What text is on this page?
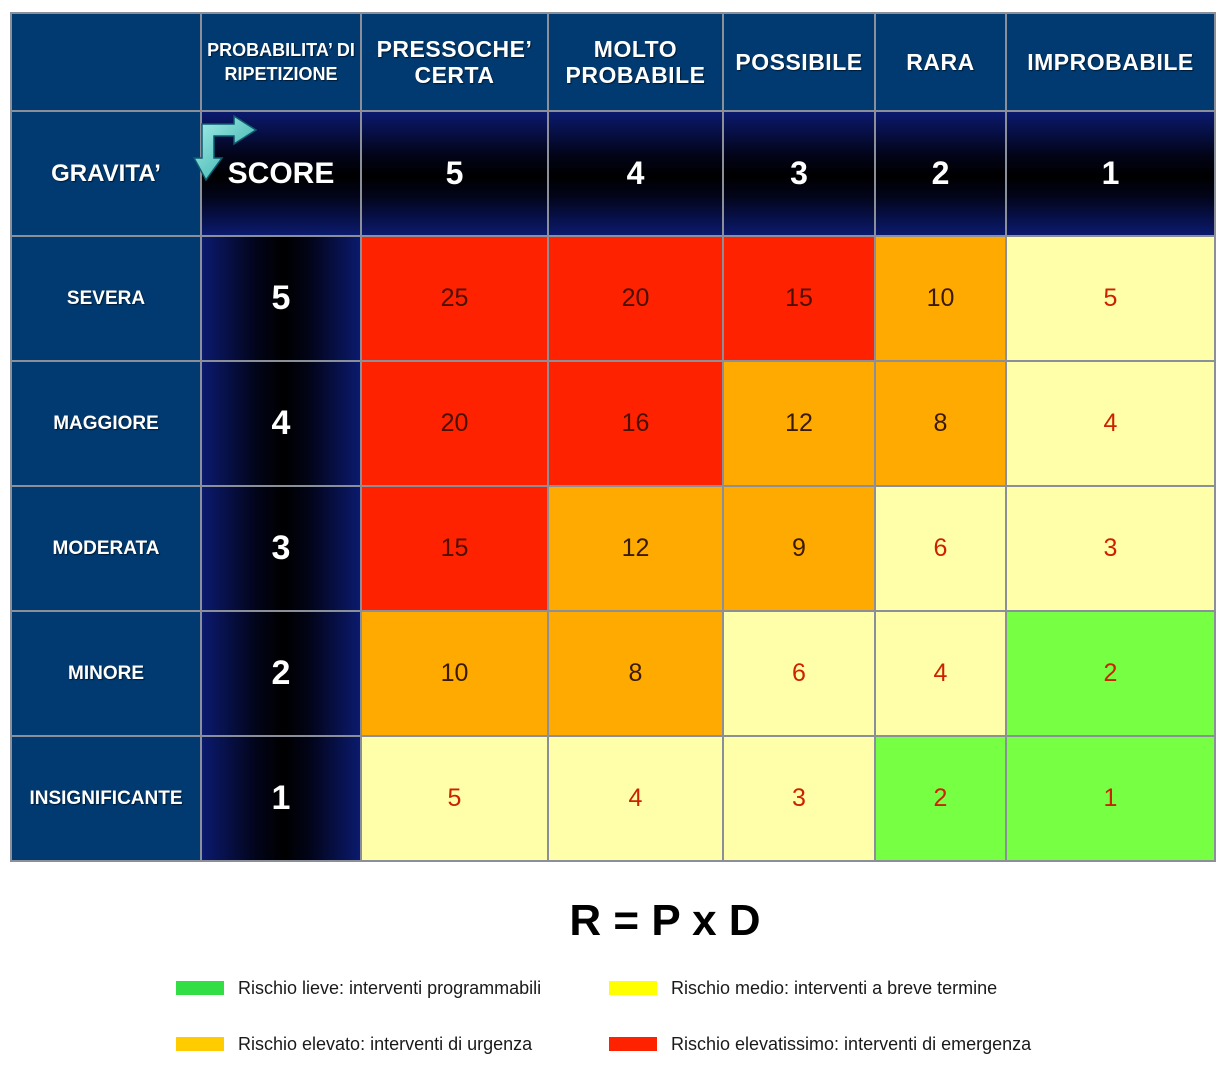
	PROBABILITA’ DI RIPETIZIONE	PRESSOCHE’ CERTA	MOLTO PROBABILE	POSSIBILE	RARA	IMPROBABILE
GRAVITA’	SCORE	5	4	3	2	1
SEVERA	5	25	20	15	10	5
MAGGIORE	4	20	16	12	8	4
MODERATA	3	15	12	9	6	3
MINORE	2	10	8	6	4	2
INSIGNIFICANTE	1	5	4	3	2	1
R = P x D
Rischio lieve: interventi programmabili	Rischio medio: interventi a breve termine
Rischio elevato: interventi di urgenza	Rischio elevatissimo: interventi di emergenza
